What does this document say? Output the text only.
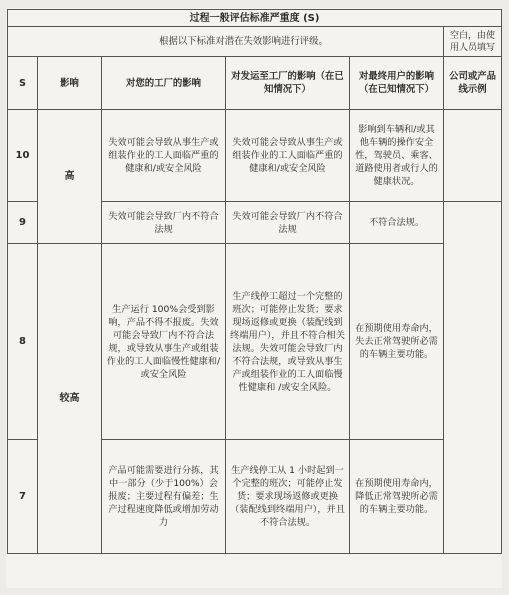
过程一般评估标准严重度 (S)					
根据以下标准对潜在失效影响进行评级。					空白，由使用人员填写
S	影响	对您的工厂的影响	对发运至工厂的影响（在已知情况下）	对最终用户的影响（在已知情况下）	公司或产品线示例
10	高	失效可能会导致从事生产或组装作业的工人面临严重的健康和/或安全风险	失效可能会导致从事生产或组装作业的工人面临严重的健康和/或安全风险	影响到车辆和/或其他车辆的操作安全性，驾驶员、乘客、道路使用者或行人的健康状况。	
9		失效可能会导致厂内不符合法规	失效可能会导致厂内不符合法规	不符合法规。	
8	较高	生产运行 100%会受到影响，产品不得不报废。失效可能会导致厂内不符合法规，或导致从事生产或组装作业的工人面临慢性健康和/或安全风险	生产线停工超过一个完整的班次；可能停止发货；要求现场返修或更换（装配线到终端用户），并且不符合相关法规。失效可能会导致厂内不符合法规，或导致从事生产或组装作业的工人面临慢性健康和 /或安全风险。	在预期使用寿命内，失去正常驾驶所必需的车辆主要功能。	
7		产品可能需要进行分拣，其中一部分（少于100%）会报废；主要过程有偏差；生产过程速度降低或增加劳动力	生产线停工从 1 小时起到一个完整的班次；可能停止发货；要求现场返修或更换（装配线到终端用户），并且不符合法规。	在预期使用寿命内，降低正常驾驶所必需的车辆主要功能。	
